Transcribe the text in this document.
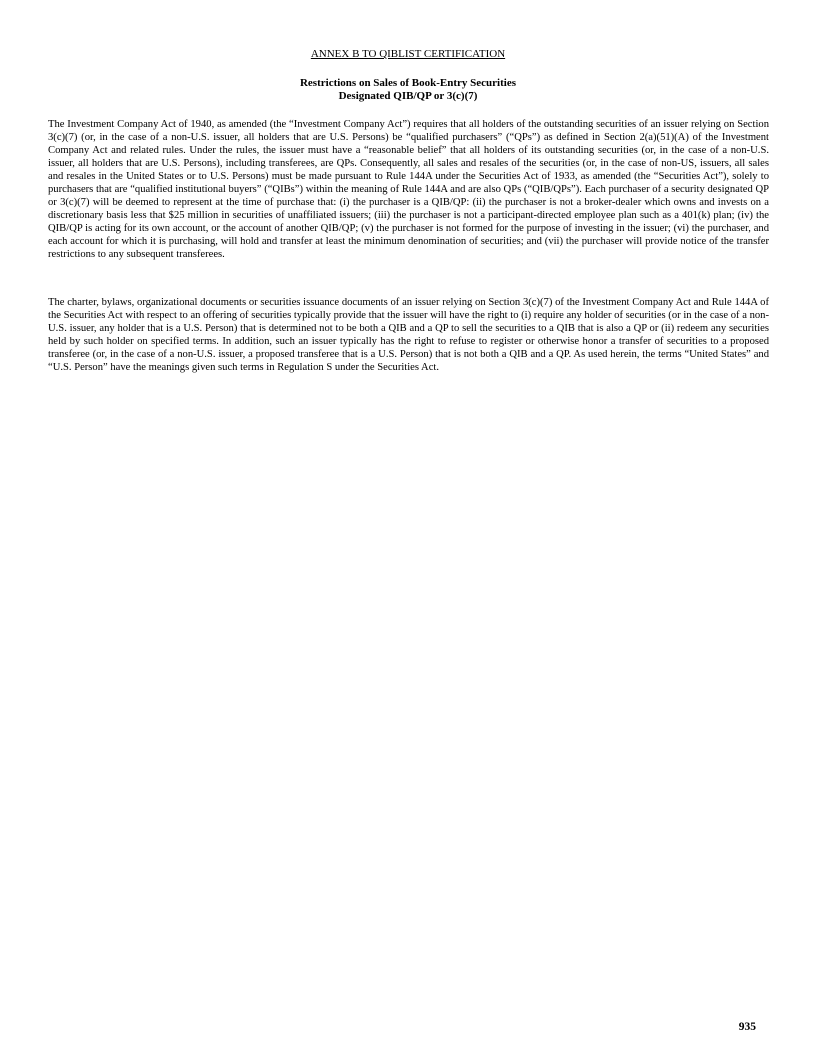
ANNEX B TO QIBLIST CERTIFICATION
Restrictions on Sales of Book-Entry Securities
Designated QIB/QP or 3(c)(7)

The Investment Company Act of 1940, as amended (the “Investment Company Act”) requires that all holders of the outstanding securities of an issuer relying on Section 3(c)(7) (or, in the case of a non-U.S. issuer, all holders that are U.S. Persons) be “qualified purchasers” (“QPs”) as defined in Section 2(a)(51)(A) of the Investment Company Act and related rules. Under the rules, the issuer must have a “reasonable belief” that all holders of its outstanding securities (or, in the case of a non-U.S. issuer, all holders that are U.S. Persons), including transferees, are QPs. Consequently, all sales and resales of the securities (or, in the case of non-US, issuers, all sales and resales in the United States or to U.S. Persons) must be made pursuant to Rule 144A under the Securities Act of 1933, as amended (the “Securities Act”), solely to purchasers that are “qualified institutional buyers” (“QIBs”) within the meaning of Rule 144A and are also QPs (“QIB/QPs”). Each purchaser of a security designated QP or 3(c)(7) will be deemed to represent at the time of purchase that: (i) the purchaser is a QIB/QP: (ii) the purchaser is not a broker-dealer which owns and invests on a discretionary basis less that $25 million in securities of unaffiliated issuers; (iii) the purchaser is not a participant-directed employee plan such as a 401(k) plan; (iv) the QIB/QP is acting for its own account, or the account of another QIB/QP; (v) the purchaser is not formed for the purpose of investing in the issuer; (vi) the purchaser, and each account for which it is purchasing, will hold and transfer at least the minimum denomination of securities; and (vii) the purchaser will provide notice of the transfer restrictions to any subsequent transferees.

The charter, bylaws, organizational documents or securities issuance documents of an issuer relying on Section 3(c)(7) of the Investment Company Act and Rule 144A of the Securities Act with respect to an offering of securities typically provide that the issuer will have the right to (i) require any holder of securities (or in the case of a non-U.S. issuer, any holder that is a U.S. Person) that is determined not to be both a QIB and a QP to sell the securities to a QIB that is also a QP or (ii) redeem any securities held by such holder on specified terms. In addition, such an issuer typically has the right to refuse to register or otherwise honor a transfer of securities to a proposed transferee (or, in the case of a non-U.S. issuer, a proposed transferee that is a U.S. Person) that is not both a QIB and a QP. As used herein, the terms “United States” and “U.S. Person” have the meanings given such terms in Regulation S under the Securities Act.

935
